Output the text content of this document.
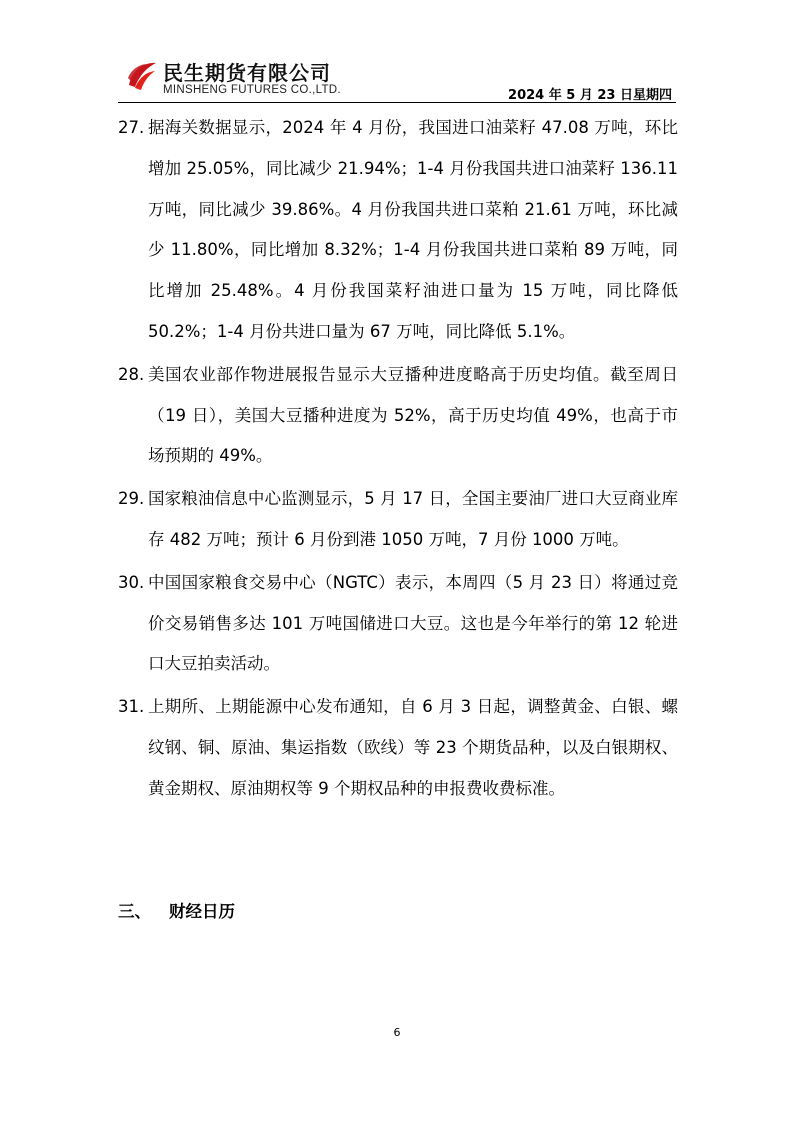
民生期货有限公司
MINSHENG FUTURES CO.,LTD.	2024 年 5 月 23 日星期四
27. 据海关数据显示，2024 年 4 月份，我国进口油菜籽 47.08 万吨，环比增加 25.05%，同比减少 21.94%；1-4 月份我国共进口油菜籽 136.11 万吨，同比减少 39.86%。4 月份我国共进口菜粕 21.61 万吨，环比减少 11.80%，同比增加 8.32%；1-4 月份我国共进口菜粕 89 万吨，同比增加 25.48%。4 月份我国菜籽油进口量为 15 万吨，同比降低 50.2%；1-4 月份共进口量为 67 万吨，同比降低 5.1%。
28. 美国农业部作物进展报告显示大豆播种进度略高于历史均值。截至周日（19 日），美国大豆播种进度为 52%，高于历史均值 49%，也高于市场预期的 49%。
29. 国家粮油信息中心监测显示，5 月 17 日，全国主要油厂进口大豆商业库存 482 万吨；预计 6 月份到港 1050 万吨，7 月份 1000 万吨。
30. 中国国家粮食交易中心（NGTC）表示，本周四（5 月 23 日）将通过竞价交易销售多达 101 万吨国储进口大豆。这也是今年举行的第 12 轮进口大豆拍卖活动。
31. 上期所、上期能源中心发布通知，自 6 月 3 日起，调整黄金、白银、螺纹钢、铜、原油、集运指数（欧线）等 23 个期货品种，以及白银期权、黄金期权、原油期权等 9 个期权品种的申报费收费标准。
三、 财经日历
6
